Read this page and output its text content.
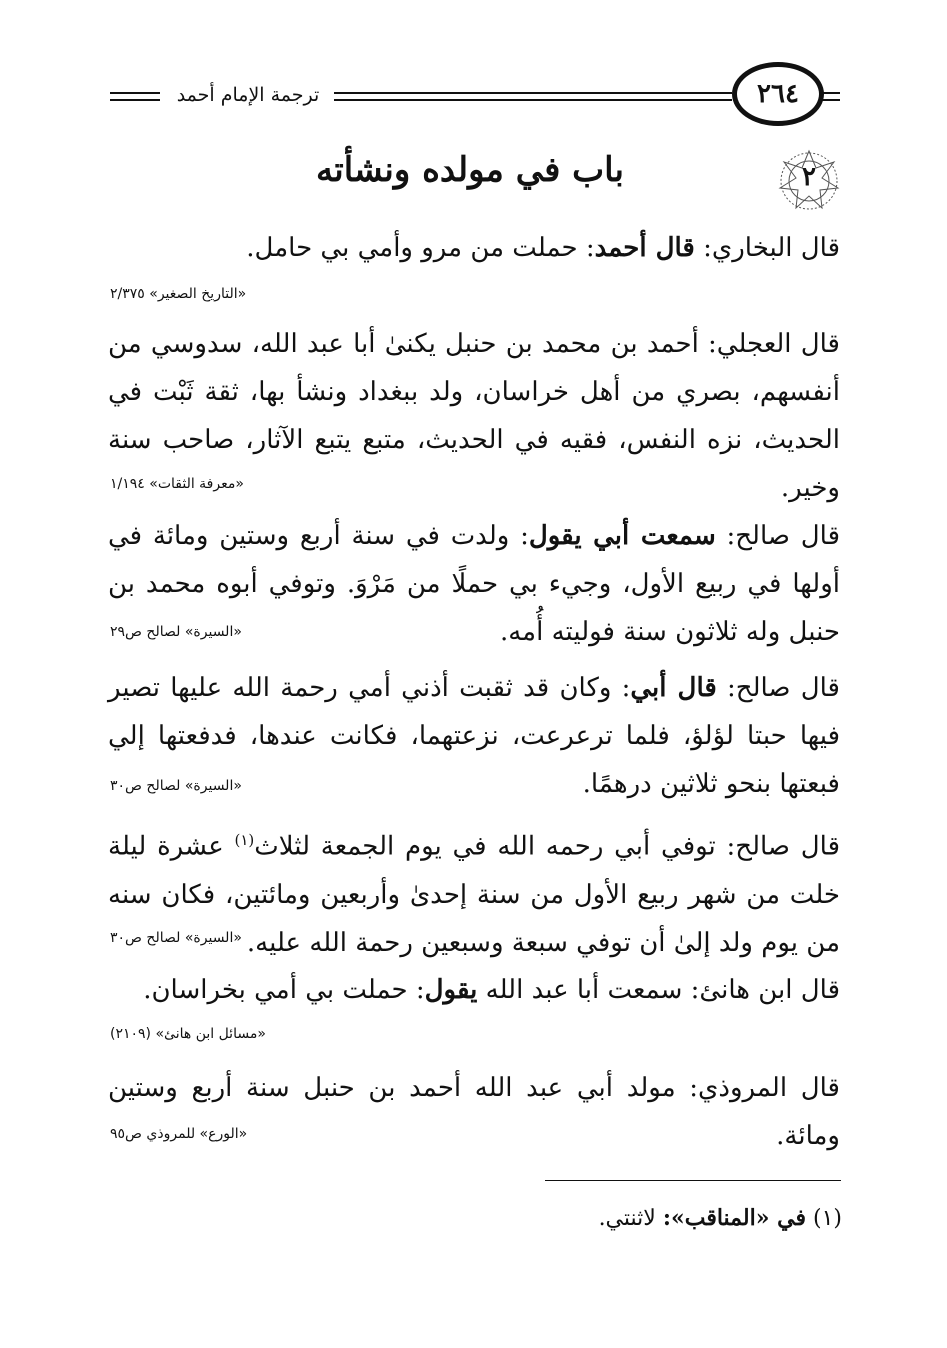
ترجمة الإمام أحمد	٢٦٤
٢
باب في مولده ونشأته
قال البخاري: قال أحمد: حملت من مرو وأمي بي حامل.
«التاريخ الصغير» ٢/٣٧٥
قال العجلي: أحمد بن محمد بن حنبل يكنىٰ أبا عبد الله، سدوسي من أنفسهم، بصري من أهل خراسان، ولد ببغداد ونشأ بها، ثقة ثَبْت في الحديث، نزه النفس، فقيه في الحديث، متبع يتبع الآثار، صاحب سنة وخير.
«معرفة الثقات» ١/١٩٤
قال صالح: سمعت أبي يقول: ولدت في سنة أربع وستين ومائة في أولها في ربيع الأول، وجيء بي حملًا من مَرْوَ. وتوفي أبوه محمد بن حنبل وله ثلاثون سنة فوليته أُمه.
«السيرة» لصالح ص٢٩
قال صالح: قال أبي: وكان قد ثقبت أذني أمي رحمة الله عليها تصير فيها حبتا لؤلؤ، فلما ترعرعت، نزعتهما، فكانت عندها، فدفعتها إلي فبعتها بنحو ثلاثين درهمًا.
«السيرة» لصالح ص٣٠
قال صالح: توفي أبي رحمه الله في يوم الجمعة لثلاث$^{(١)}$ عشرة ليلة خلت من شهر ربيع الأول من سنة إحدىٰ وأربعين ومائتين، فكان سنه من يوم ولد إلىٰ أن توفي سبعة وسبعين رحمة الله عليه.
«السيرة» لصالح ص٣٠
قال ابن هانئ: سمعت أبا عبد الله يقول: حملت بي أمي بخراسان.
«مسائل ابن هانئ» (٢١٠٩)
قال المروذي: مولد أبي عبد الله أحمد بن حنبل سنة أربع وستين ومائة.
«الورع» للمروذي ص٩٥
(١) في «المناقب»: لاثنتي.
